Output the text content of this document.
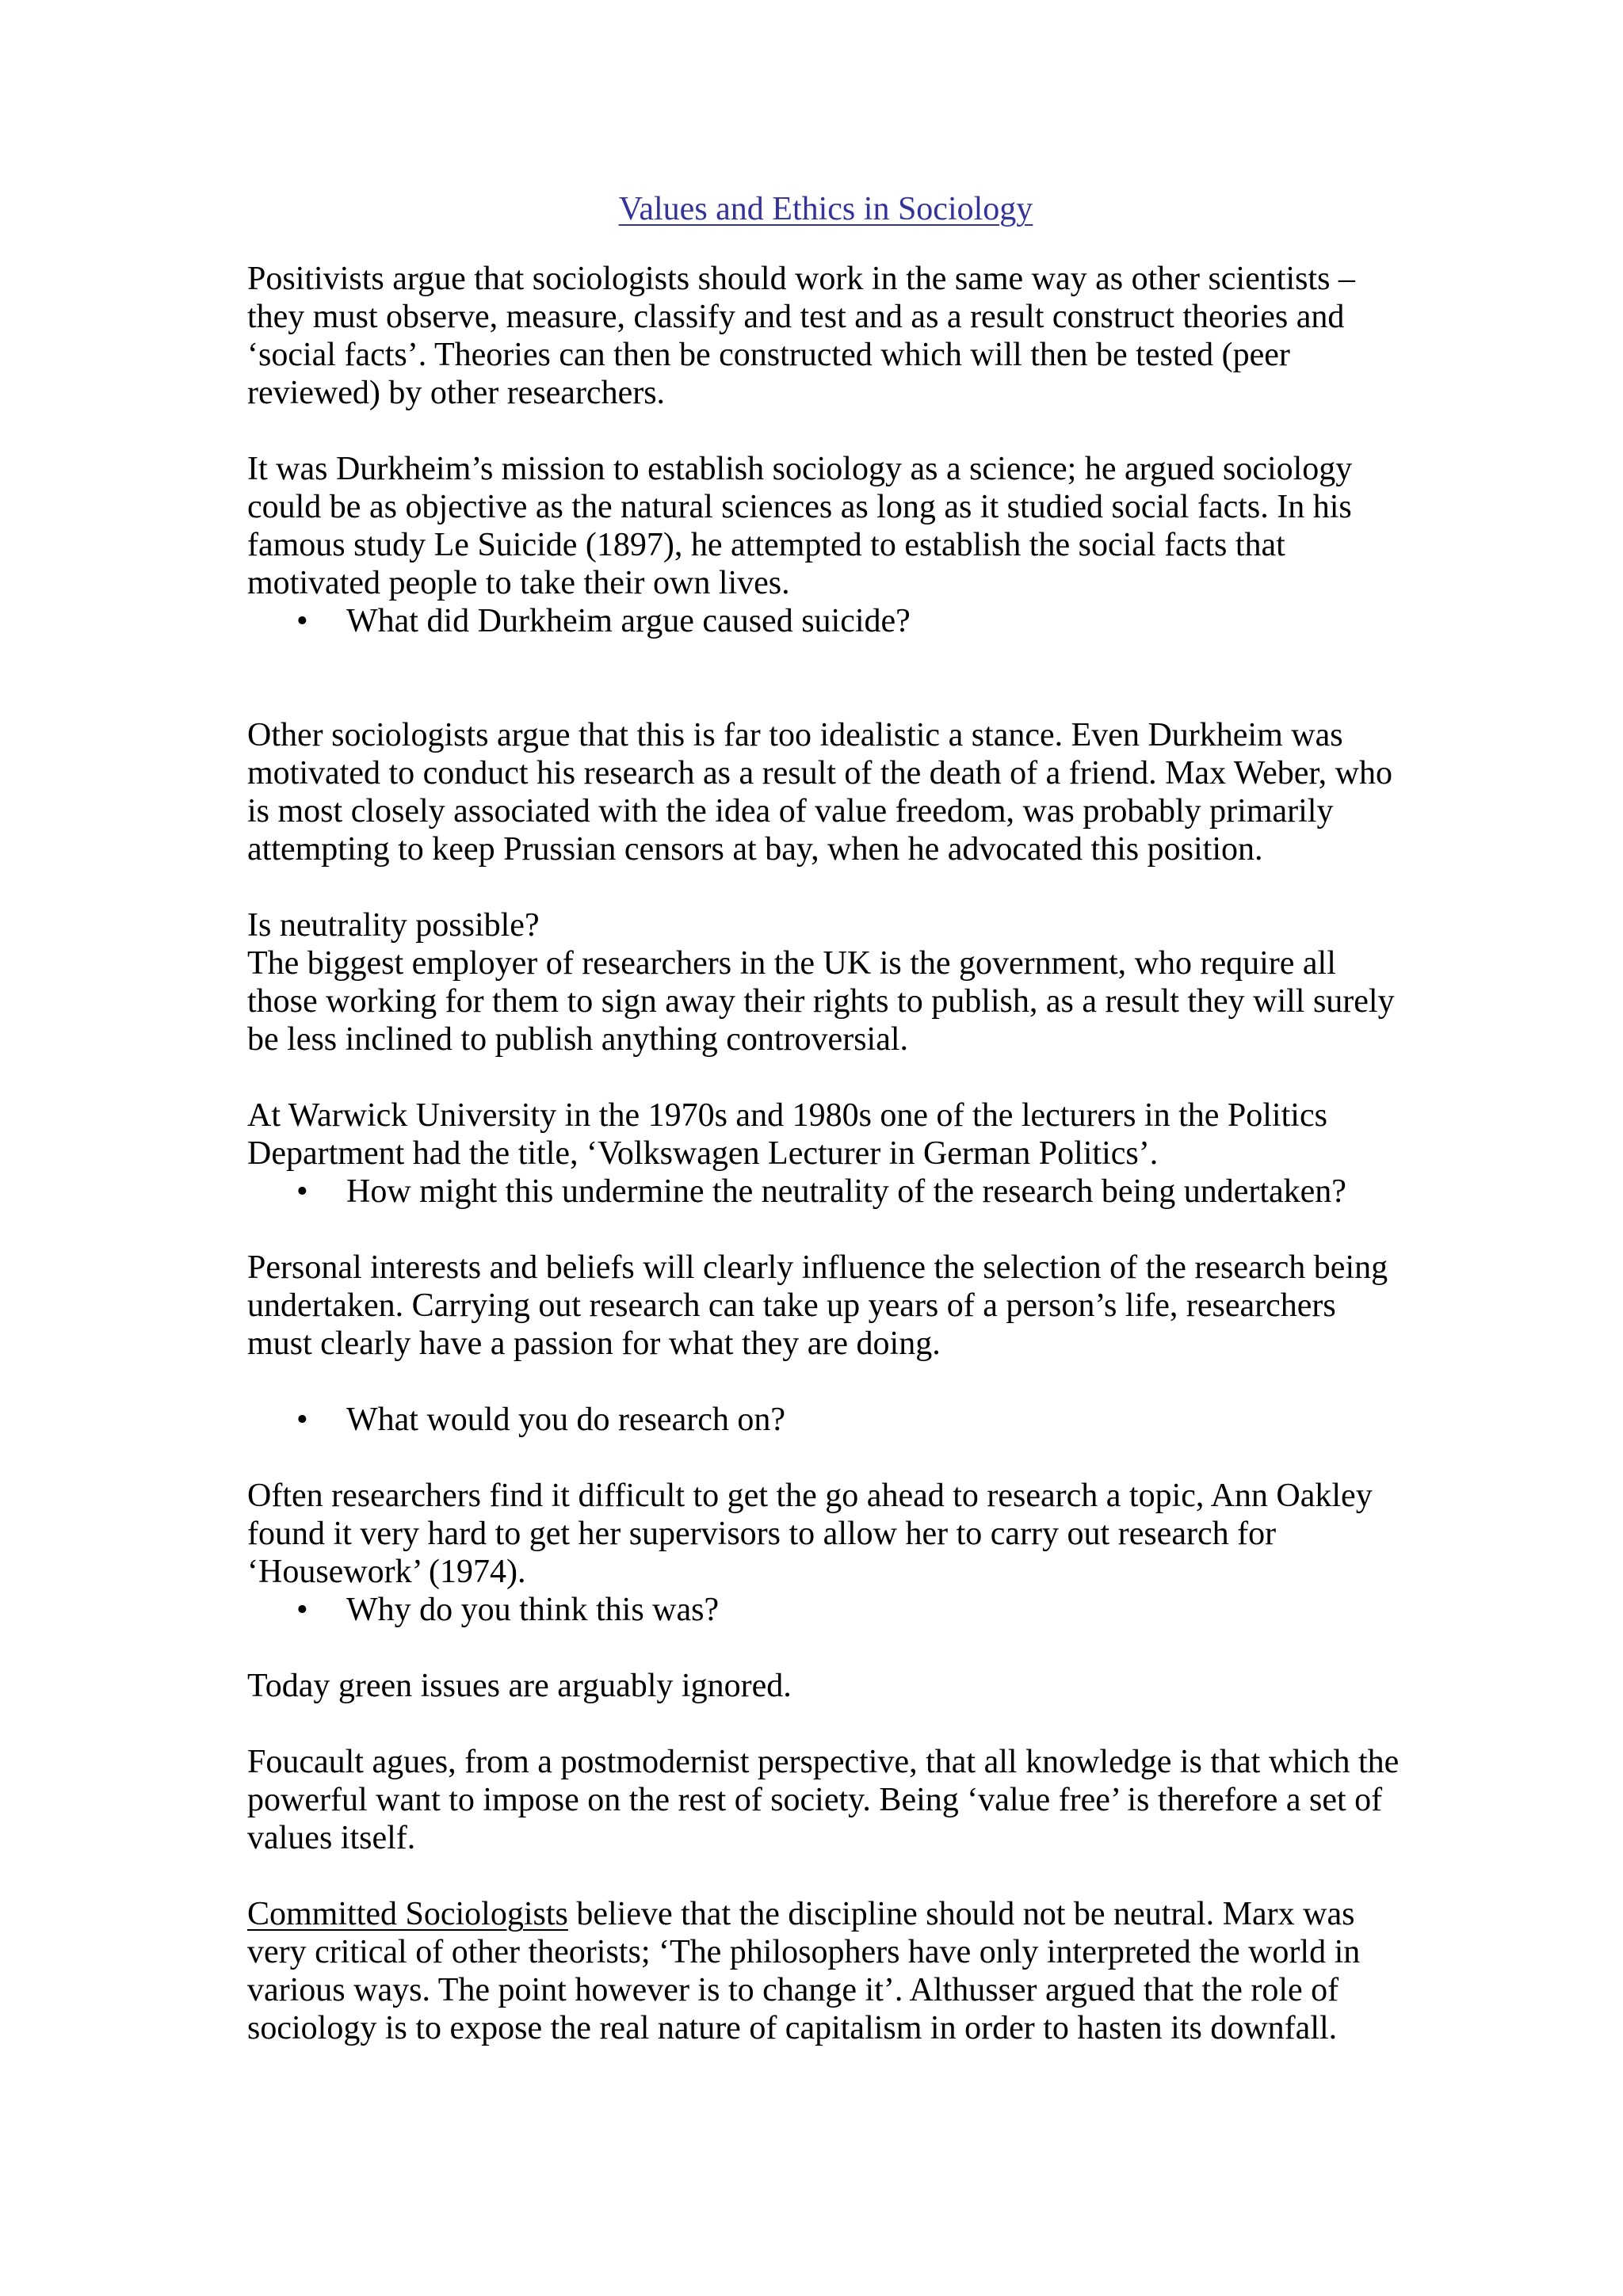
Values and Ethics in Sociology

Positivists argue that sociologists should work in the same way as other scientists – they must observe, measure, classify and test and as a result construct theories and ‘social facts’. Theories can then be constructed which will then be tested (peer reviewed) by other researchers.

It was Durkheim’s mission to establish sociology as a science; he argued sociology could be as objective as the natural sciences as long as it studied social facts. In his famous study Le Suicide (1897), he attempted to establish the social facts that motivated people to take their own lives.

• What did Durkheim argue caused suicide?

Other sociologists argue that this is far too idealistic a stance. Even Durkheim was motivated to conduct his research as a result of the death of a friend. Max Weber, who is most closely associated with the idea of value freedom, was probably primarily attempting to keep Prussian censors at bay, when he advocated this position.

Is neutrality possible?

The biggest employer of researchers in the UK is the government, who require all those working for them to sign away their rights to publish, as a result they will surely be less inclined to publish anything controversial.

At Warwick University in the 1970s and 1980s one of the lecturers in the Politics Department had the title, ‘Volkswagen Lecturer in German Politics’.

• How might this undermine the neutrality of the research being undertaken?

Personal interests and beliefs will clearly influence the selection of the research being undertaken. Carrying out research can take up years of a person’s life, researchers must clearly have a passion for what they are doing.

• What would you do research on?

Often researchers find it difficult to get the go ahead to research a topic, Ann Oakley found it very hard to get her supervisors to allow her to carry out research for ‘Housework’ (1974).

• Why do you think this was?

Today green issues are arguably ignored.

Foucault agues, from a postmodernist perspective, that all knowledge is that which the powerful want to impose on the rest of society. Being ‘value free’ is therefore a set of values itself.

Committed Sociologists believe that the discipline should not be neutral. Marx was very critical of other theorists; ‘The philosophers have only interpreted the world in various ways. The point however is to change it’. Althusser argued that the role of sociology is to expose the real nature of capitalism in order to hasten its downfall.
